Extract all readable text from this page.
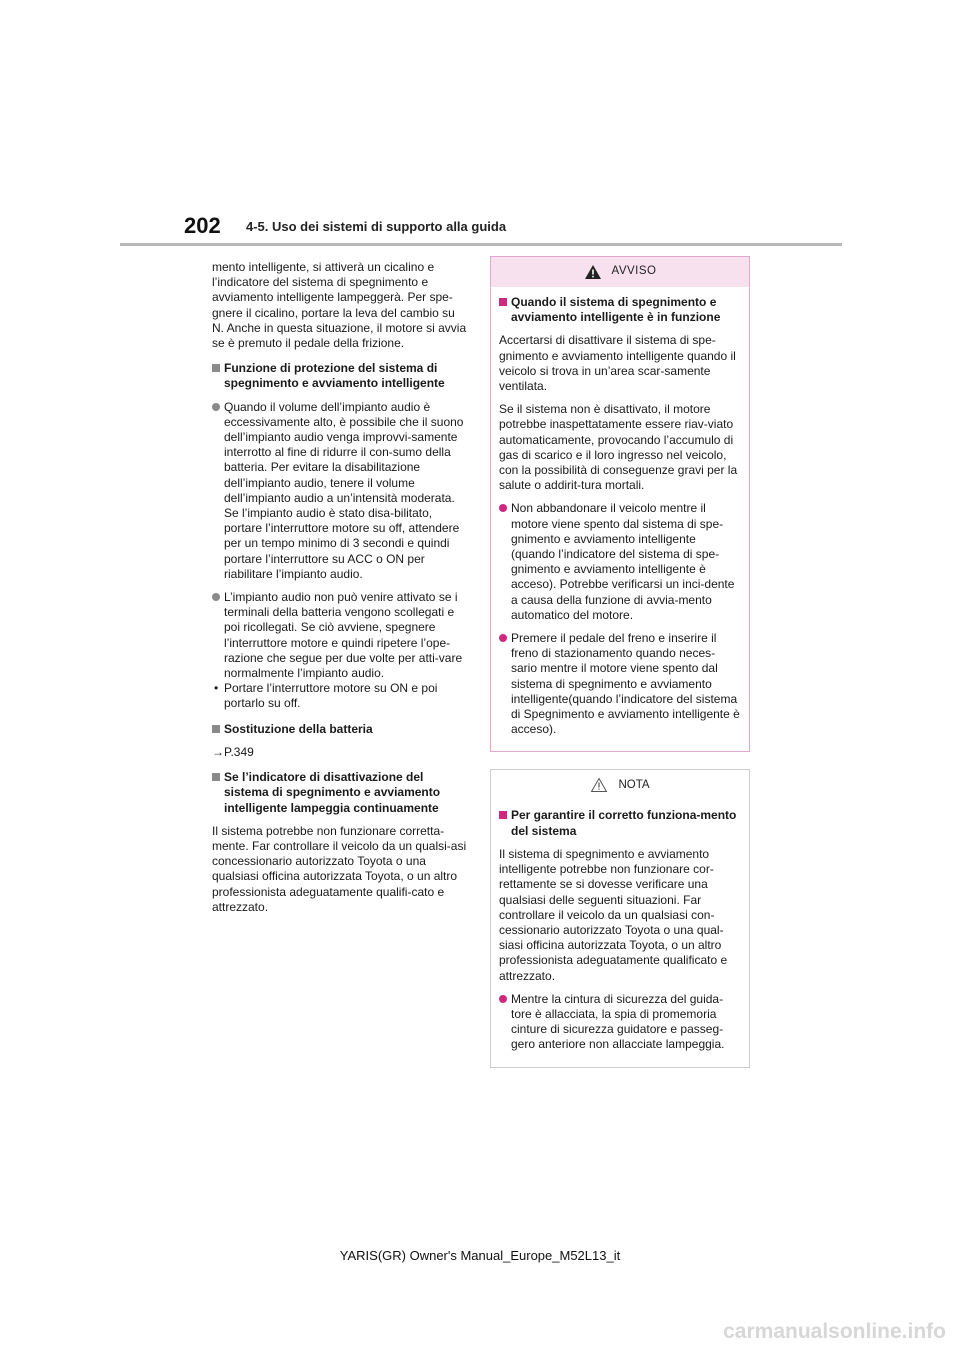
202 4-5. Uso dei sistemi di supporto alla guida

mento intelligente, si attiverà un cicalino e l’indicatore del sistema di spegnimento e avviamento intelligente lampeggerà. Per spe-gnere il cicalino, portare la leva del cambio su N. Anche in questa situazione, il motore si avvia se è premuto il pedale della frizione.

Funzione di protezione del sistema di spegnimento e avviamento intelligente
Quando il volume dell’impianto audio è eccessivamente alto, è possibile che il suono dell’impianto audio venga improvvi-samente interrotto al fine di ridurre il con-sumo della batteria. Per evitare la disabilitazione dell’impianto audio, tenere il volume dell’impianto audio a un’intensità moderata. Se l’impianto audio è stato disa-bilitato, portare l’interruttore motore su off, attendere per un tempo minimo di 3 secondi e quindi portare l’interruttore su ACC o ON per riabilitare l’impianto audio.
L’impianto audio non può venire attivato se i terminali della batteria vengono scollegati e poi ricollegati. Se ciò avviene, spegnere l’interruttore motore e quindi ripetere l’ope-razione che segue per due volte per atti-vare normalmente l’impianto audio.
• Portare l’interruttore motore su ON e poi portarlo su off.
Sostituzione della batteria

→P.349

Se l’indicatore di disattivazione del sistema di spegnimento e avviamento intelligente lampeggia continuamente

Il sistema potrebbe non funzionare corretta-mente. Far controllare il veicolo da un qualsi-asi concessionario autorizzato Toyota o una qualsiasi officina autorizzata Toyota, o un altro professionista adeguatamente qualifi-cato e attrezzato.

AVVISO
Quando il sistema di spegnimento e avviamento intelligente è in funzione

Accertarsi di disattivare il sistema di spe-gnimento e avviamento intelligente quando il veicolo si trova in un’area scar-samente ventilata.

Se il sistema non è disattivato, il motore potrebbe inaspettatamente essere riav-viato automaticamente, provocando l’accumulo di gas di scarico e il loro ingresso nel veicolo, con la possibilità di conseguenze gravi per la salute o addirit-tura mortali.

Non abbandonare il veicolo mentre il motore viene spento dal sistema di spe-gnimento e avviamento intelligente (quando l’indicatore del sistema di spe-gnimento e avviamento intelligente è acceso). Potrebbe verificarsi un inci-dente a causa della funzione di avvia-mento automatico del motore.
Premere il pedale del freno e inserire il freno di stazionamento quando neces-sario mentre il motore viene spento dal sistema di spegnimento e avviamento intelligente(quando l’indicatore del sistema di Spegnimento e avviamento intelligente è acceso).
NOTA
Per garantire il corretto funziona-mento del sistema

Il sistema di spegnimento e avviamento intelligente potrebbe non funzionare cor-rettamente se si dovesse verificare una qualsiasi delle seguenti situazioni. Far controllare il veicolo da un qualsiasi con-cessionario autorizzato Toyota o una qual-siasi officina autorizzata Toyota, o un altro professionista adeguatamente qualificato e attrezzato.

Mentre la cintura di sicurezza del guida-tore è allacciata, la spia di promemoria cinture di sicurezza guidatore e passeg-gero anteriore non allacciate lampeggia.
YARIS(GR) Owner's Manual_Europe_M52L13_it
carmanualsonline.info
